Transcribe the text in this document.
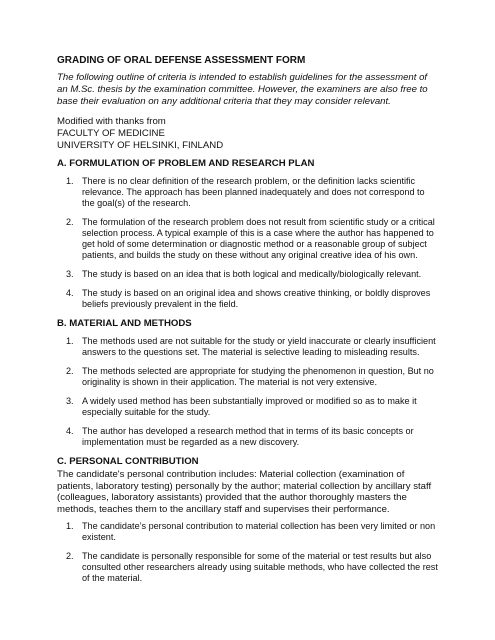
GRADING OF ORAL DEFENSE ASSESSMENT FORM
The following outline of criteria is intended to establish guidelines for the assessment of an M.Sc. thesis by the examination committee. However, the examiners are also free to base their evaluation on any additional criteria that they may consider relevant.
Modified with thanks from
FACULTY OF MEDICINE
UNIVERSITY OF HELSINKI, FINLAND
A. FORMULATION OF PROBLEM AND RESEARCH PLAN
1. There is no clear definition of the research problem, or the definition lacks scientific relevance. The approach has been planned inadequately and does not correspond to the goal(s) of the research.
2. The formulation of the research problem does not result from scientific study or a critical selection process. A typical example of this is a case where the author has happened to get hold of some determination or diagnostic method or a reasonable group of subject patients, and builds the study on these without any original creative idea of his own.
3. The study is based on an idea that is both logical and medically/biologically relevant.
4. The study is based on an original idea and shows creative thinking, or boldly disproves beliefs previously prevalent in the field.
B. MATERIAL AND METHODS
1. The methods used are not suitable for the study or yield inaccurate or clearly insufficient answers to the questions set. The material is selective leading to misleading results.
2. The methods selected are appropriate for studying the phenomenon in question, But no originality is shown in their application. The material is not very extensive.
3. A widely used method has been substantially improved or modified so as to make it especially suitable for the study.
4. The author has developed a research method that in terms of its basic concepts or implementation must be regarded as a new discovery.
C. PERSONAL CONTRIBUTION
The candidate's personal contribution includes: Material collection (examination of patients, laboratory testing) personally by the author; material collection by ancillary staff (colleagues, laboratory assistants) provided that the author thoroughly masters the methods, teaches them to the ancillary staff and supervises their performance.
1. The candidate’s personal contribution to material collection has been very limited or non existent.
2. The candidate is personally responsible for some of the material or test results but also consulted other researchers already using suitable methods, who have collected the rest of the material.
